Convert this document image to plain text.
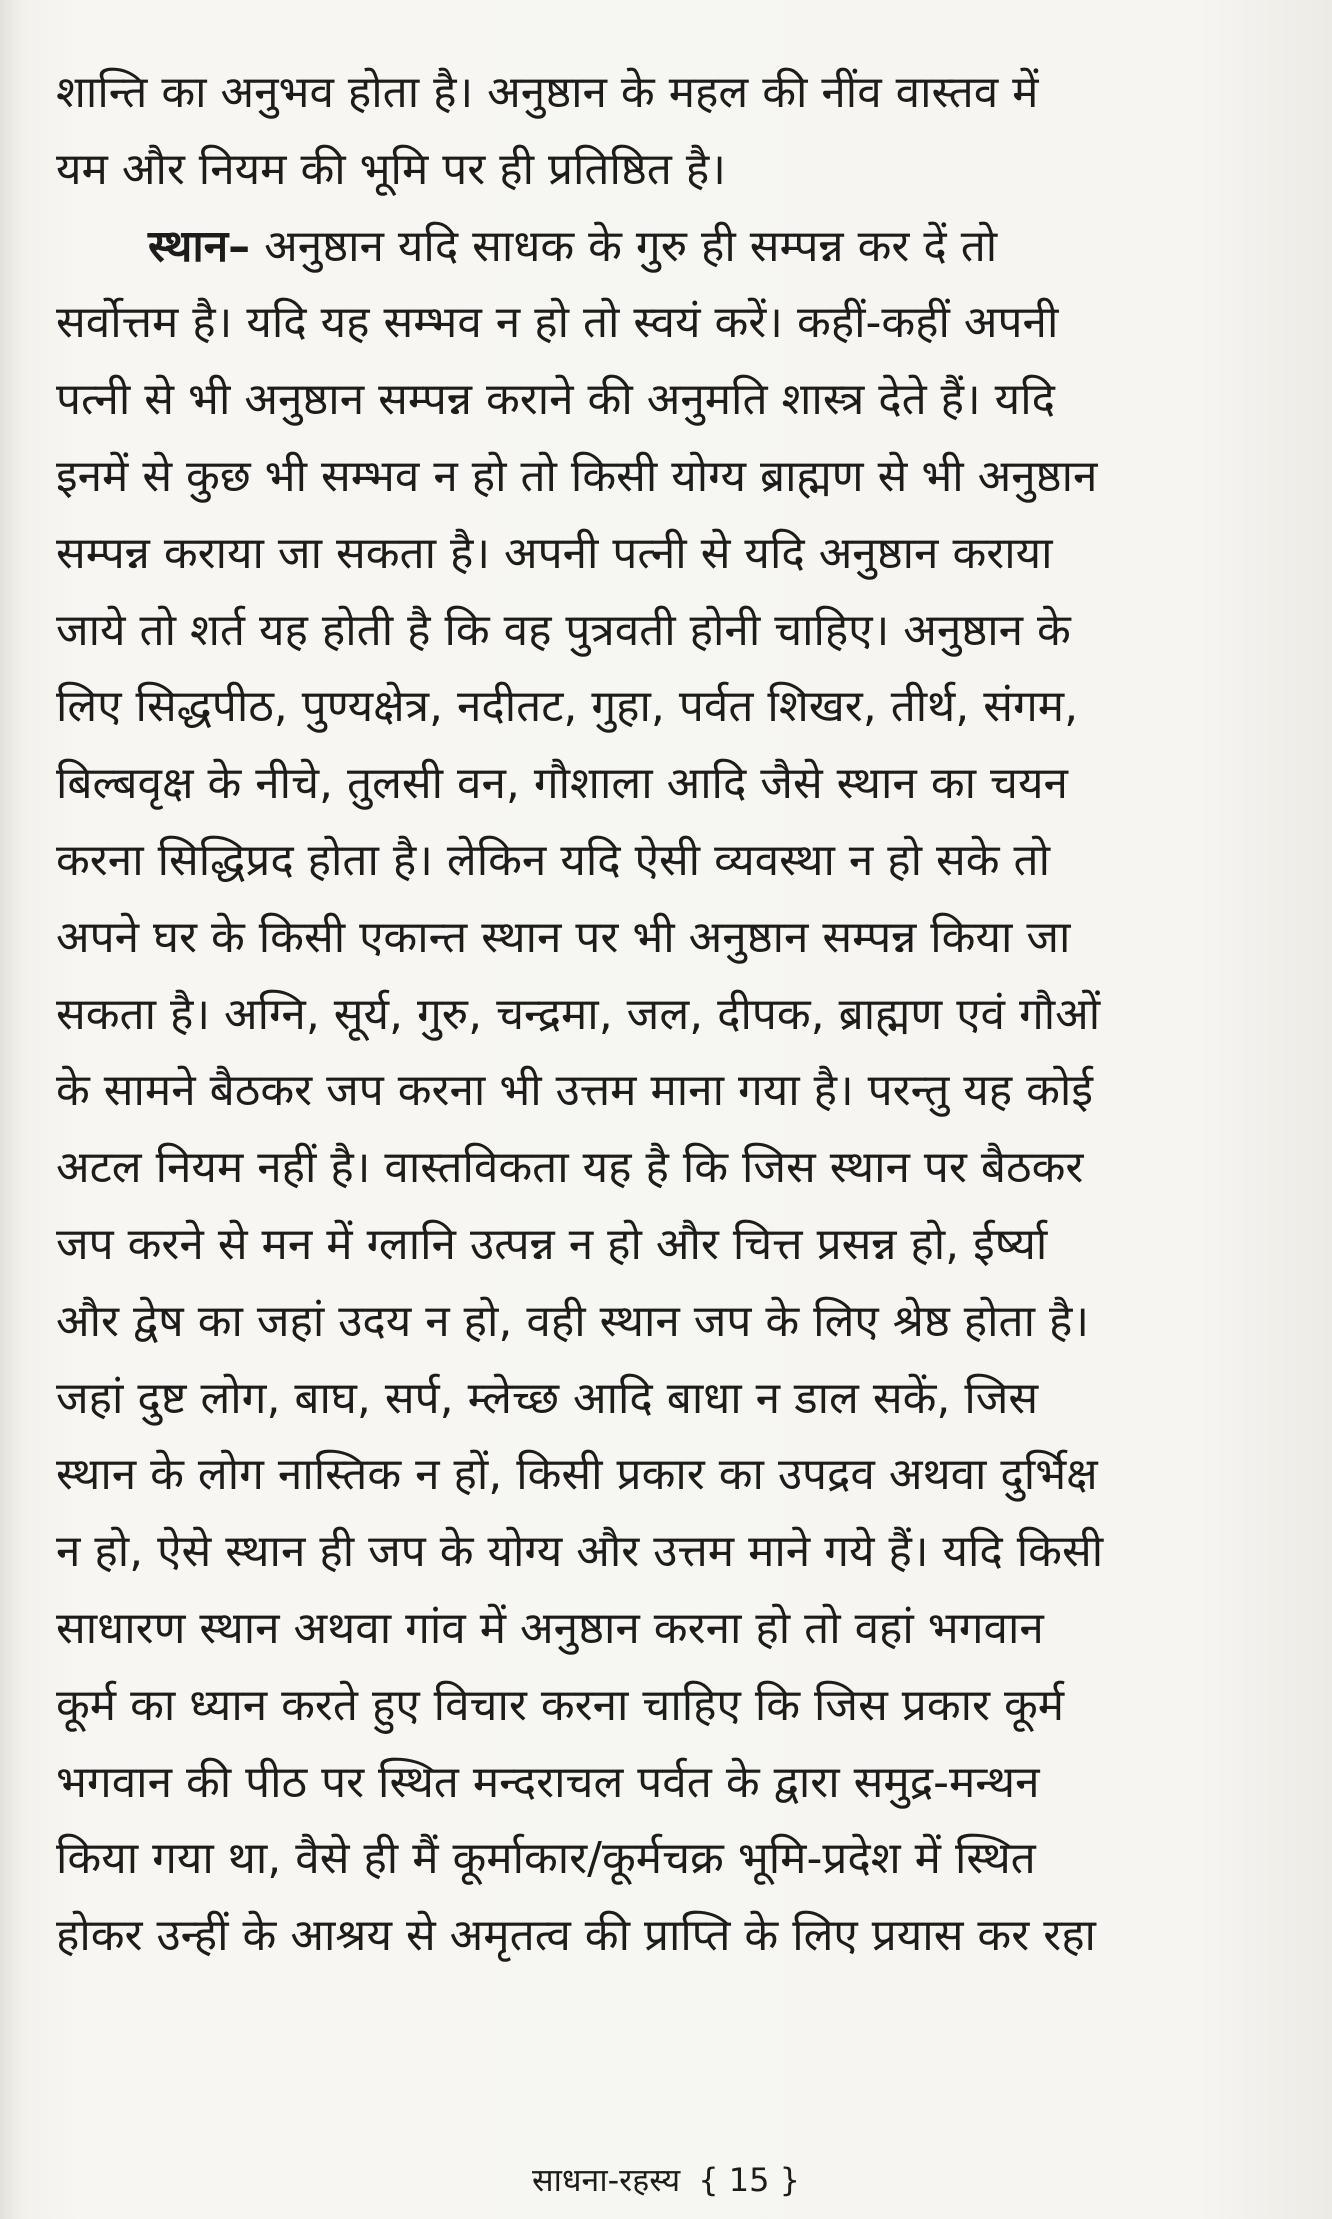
शान्ति का अनुभव होता है। अनुष्ठान के महल की नींव वास्तव में
यम और नियम की भूमि पर ही प्रतिष्ठित है।
स्थान– अनुष्ठान यदि साधक के गुरु ही सम्पन्न कर दें तो
सर्वोत्तम है। यदि यह सम्भव न हो तो स्वयं करें। कहीं-कहीं अपनी
पत्नी से भी अनुष्ठान सम्पन्न कराने की अनुमति शास्त्र देते हैं। यदि
इनमें से कुछ भी सम्भव न हो तो किसी योग्य ब्राह्मण से भी अनुष्ठान
सम्पन्न कराया जा सकता है। अपनी पत्नी से यदि अनुष्ठान कराया
जाये तो शर्त यह होती है कि वह पुत्रवती होनी चाहिए। अनुष्ठान के
लिए सिद्धपीठ, पुण्यक्षेत्र, नदीतट, गुहा, पर्वत शिखर, तीर्थ, संगम,
बिल्बवृक्ष के नीचे, तुलसी वन, गौशाला आदि जैसे स्थान का चयन
करना सिद्धिप्रद होता है। लेकिन यदि ऐसी व्यवस्था न हो सके तो
अपने घर के किसी एकान्त स्थान पर भी अनुष्ठान सम्पन्न किया जा
सकता है। अग्नि, सूर्य, गुरु, चन्द्रमा, जल, दीपक, ब्राह्मण एवं गौओं
के सामने बैठकर जप करना भी उत्तम माना गया है। परन्तु यह कोई
अटल नियम नहीं है। वास्तविकता यह है कि जिस स्थान पर बैठकर
जप करने से मन में ग्लानि उत्पन्न न हो और चित्त प्रसन्न हो, ईर्ष्या
और द्वेष का जहां उदय न हो, वही स्थान जप के लिए श्रेष्ठ होता है।
जहां दुष्ट लोग, बाघ, सर्प, म्लेच्छ आदि बाधा न डाल सकें, जिस
स्थान के लोग नास्तिक न हों, किसी प्रकार का उपद्रव अथवा दुर्भिक्ष
न हो, ऐसे स्थान ही जप के योग्य और उत्तम माने गये हैं। यदि किसी
साधारण स्थान अथवा गांव में अनुष्ठान करना हो तो वहां भगवान
कूर्म का ध्यान करते हुए विचार करना चाहिए कि जिस प्रकार कूर्म
भगवान की पीठ पर स्थित मन्दराचल पर्वत के द्वारा समुद्र-मन्थन
किया गया था, वैसे ही मैं कूर्माकार/कूर्मचक्र भूमि-प्रदेश में स्थित
होकर उन्हीं के आश्रय से अमृतत्व की प्राप्ति के लिए प्रयास कर रहा
साधना-रहस्य { 15 }
